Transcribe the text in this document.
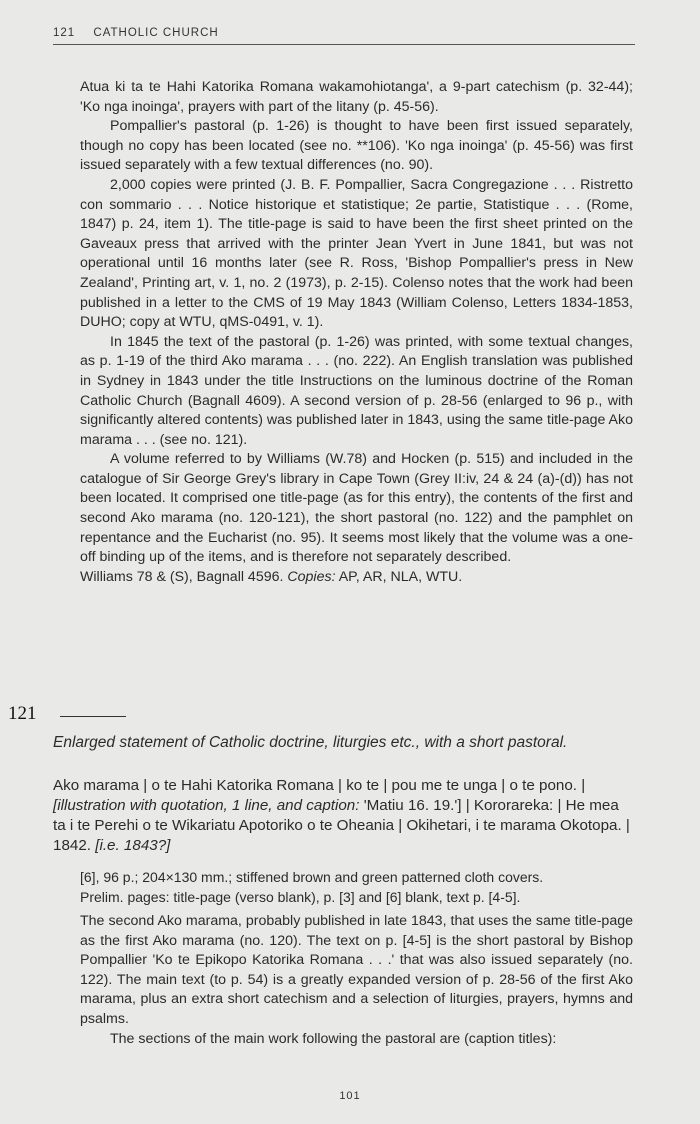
121 CATHOLIC CHURCH

Atua ki ta te Hahi Katorika Romana wakamohiotanga', a 9-part catechism (p. 32-44); 'Ko nga inoinga', prayers with part of the litany (p. 45-56).

Pompallier's pastoral (p. 1-26) is thought to have been first issued separately, though no copy has been located (see no. **106). 'Ko nga inoinga' (p. 45-56) was first issued separately with a few textual differences (no. 90).

2,000 copies were printed (J. B. F. Pompallier, Sacra Congregazione . . . Ristretto con sommario . . . Notice historique et statistique; 2e partie, Statistique . . . (Rome, 1847) p. 24, item 1). The title-page is said to have been the first sheet printed on the Gaveaux press that arrived with the printer Jean Yvert in June 1841, but was not operational until 16 months later (see R. Ross, 'Bishop Pompallier's press in New Zealand', Printing art, v. 1, no. 2 (1973), p. 2-15). Colenso notes that the work had been published in a letter to the CMS of 19 May 1843 (William Colenso, Letters 1834-1853, DUHO; copy at WTU, qMS-0491, v. 1).

In 1845 the text of the pastoral (p. 1-26) was printed, with some textual changes, as p. 1-19 of the third Ako marama . . . (no. 222). An English translation was published in Sydney in 1843 under the title Instructions on the luminous doctrine of the Roman Catholic Church (Bagnall 4609). A second version of p. 28-56 (enlarged to 96 p., with significantly altered contents) was published later in 1843, using the same title-page Ako marama . . . (see no. 121).

A volume referred to by Williams (W.78) and Hocken (p. 515) and included in the catalogue of Sir George Grey's library in Cape Town (Grey II:iv, 24 & 24 (a)-(d)) has not been located. It comprised one title-page (as for this entry), the contents of the first and second Ako marama (no. 120-121), the short pastoral (no. 122) and the pamphlet on repentance and the Eucharist (no. 95). It seems most likely that the volume was a one-off binding up of the items, and is therefore not separately described.

Williams 78 & (S), Bagnall 4596. Copies: AP, AR, NLA, WTU.

121
Enlarged statement of Catholic doctrine, liturgies etc., with a short pastoral.
Ako marama | o te Hahi Katorika Romana | ko te | pou me te unga | o te pono. | [illustration with quotation, 1 line, and caption: 'Matiu 16. 19.'] | Kororareka: | He mea ta i te Perehi o te Wikariatu Apotoriko o te Oheania | Okihetari, i te marama Okotopa. | 1842. [i.e. 1843?]
[6], 96 p.; 204×130 mm.; stiffened brown and green patterned cloth covers.
Prelim. pages: title-page (verso blank), p. [3] and [6] blank, text p. [4-5].

The second Ako marama, probably published in late 1843, that uses the same title-page as the first Ako marama (no. 120). The text on p. [4-5] is the short pastoral by Bishop Pompallier 'Ko te Epikopo Katorika Romana . . .' that was also issued separately (no. 122). The main text (to p. 54) is a greatly expanded version of p. 28-56 of the first Ako marama, plus an extra short catechism and a selection of liturgies, prayers, hymns and psalms.

The sections of the main work following the pastoral are (caption titles):

101
